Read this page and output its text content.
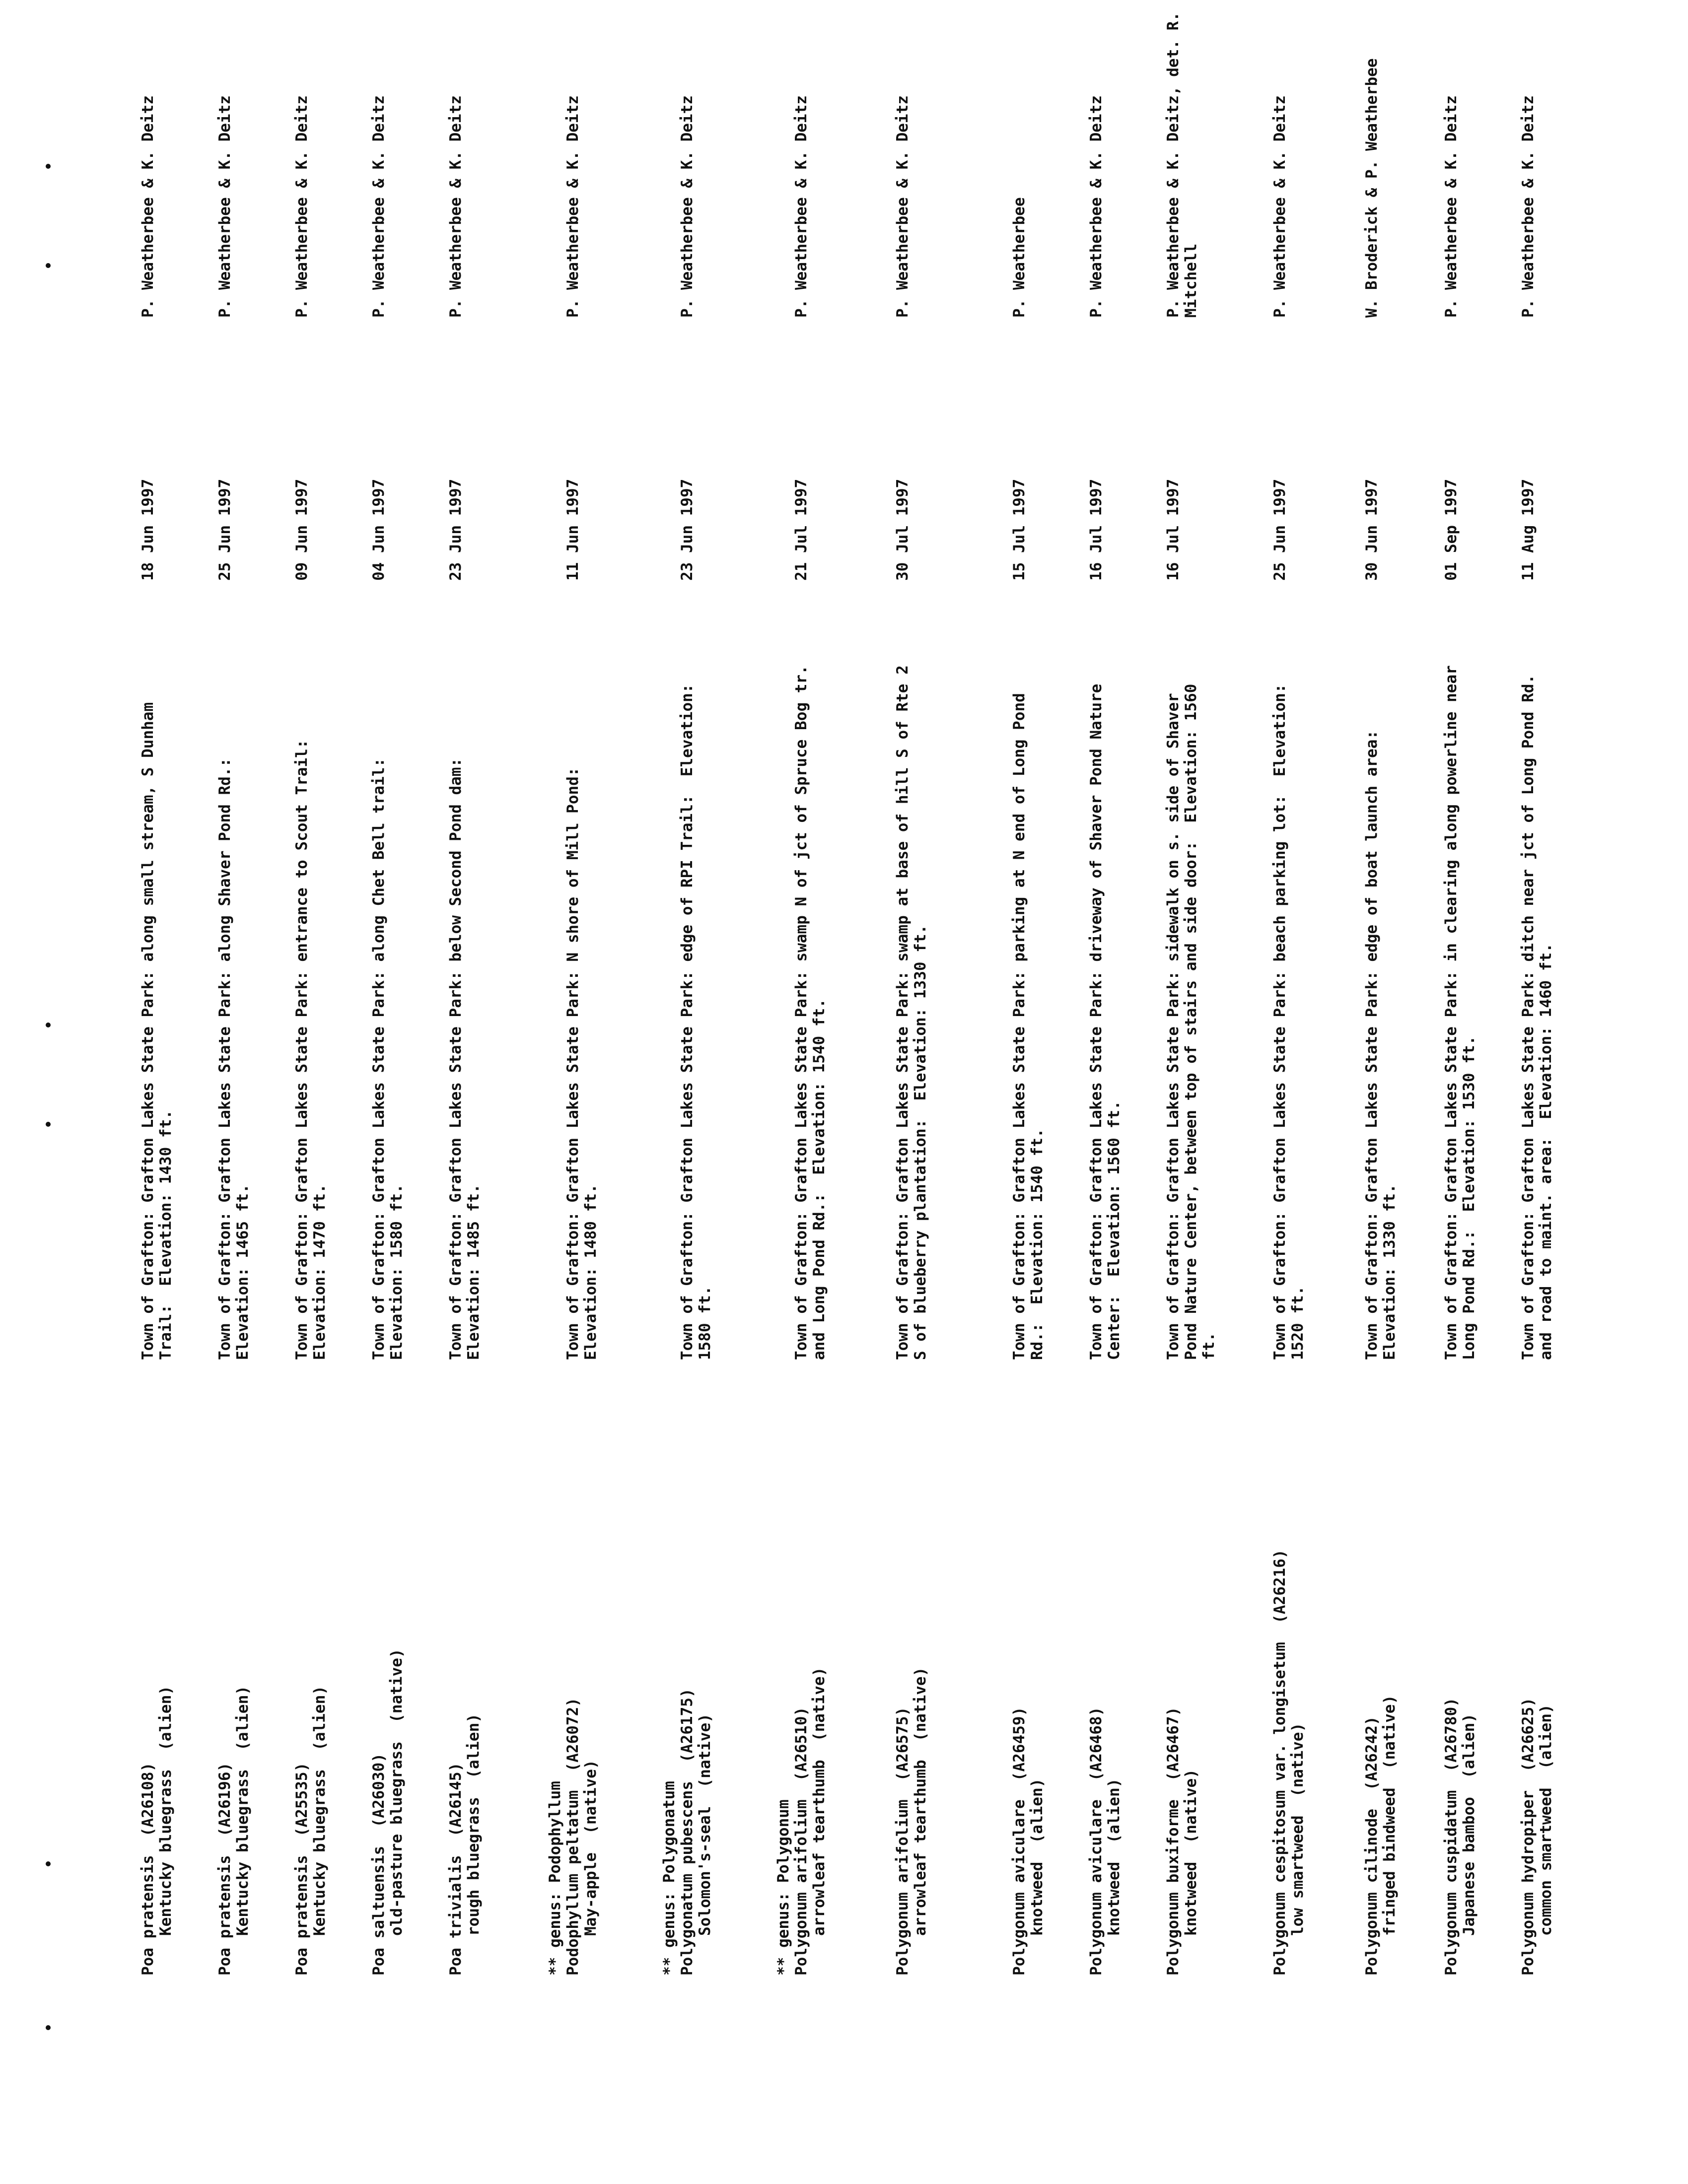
Poa pratensis  (A26108) Kentucky bluegrass  (alien)
Town of Grafton: Grafton Lakes State Park: along small stream, S Dunham Trail:  Elevation: 1430 ft.
18 Jun 1997
P. Weatherbee & K. Deitz
Poa pratensis  (A26196) Kentucky bluegrass  (alien)
Town of Grafton: Grafton Lakes State Park: along Shaver Pond Rd.:  Elevation: 1465 ft.
25 Jun 1997
P. Weatherbee & K. Deitz
Poa pratensis  (A25535) Kentucky bluegrass  (alien)
Town of Grafton: Grafton Lakes State Park: entrance to Scout Trail:  Elevation: 1470 ft.
09 Jun 1997
P. Weatherbee & K. Deitz
Poa saltuensis  (A26030) old-pasture bluegrass  (native)
Town of Grafton: Grafton Lakes State Park: along Chet Bell trail:  Elevation: 1580 ft.
04 Jun 1997
P. Weatherbee & K. Deitz
Poa trivialis  (A26145) rough bluegrass  (alien)
Town of Grafton: Grafton Lakes State Park: below Second Pond dam:  Elevation: 1485 ft.
23 Jun 1997
P. Weatherbee & K. Deitz
** genus: Podophyllum Podophyllum peltatum  (A26072) May-apple  (native)
Town of Grafton: Grafton Lakes State Park: N shore of Mill Pond:  Elevation: 1480 ft.
11 Jun 1997
P. Weatherbee & K. Deitz
** genus: Polygonatum Polygonatum pubescens  (A26175) Solomon's-seal  (native)
Town of Grafton: Grafton Lakes State Park: edge of RPI Trail:  Elevation: 1580 ft.
23 Jun 1997
P. Weatherbee & K. Deitz
** genus: Polygonum Polygonum arifolium  (A26510) arrowleaf tearthumb  (native)
Town of Grafton: Grafton Lakes State Park: swamp N of jct of Spruce Bog tr. and Long Pond Rd.:  Elevation: 1540 ft.
21 Jul 1997
P. Weatherbee & K. Deitz
Polygonum arifolium  (A26575) arrowleaf tearthumb  (native)
Town of Grafton: Grafton Lakes State Park: swamp at base of hill S of Rte 2 S of blueberry plantation:  Elevation: 1330 ft.
30 Jul 1997
P. Weatherbee & K. Deitz
Polygonum aviculare  (A26459) knotweed  (alien)
Town of Grafton: Grafton Lakes State Park: parking at N end of Long Pond Rd.:  Elevation: 1540 ft.
15 Jul 1997
P. Weatherbee
Polygonum aviculare  (A26468) knotweed  (alien)
Town of Grafton: Grafton Lakes State Park: driveway of Shaver Pond Nature Center:  Elevation: 1560 ft.
16 Jul 1997
P. Weatherbee & K. Deitz
Polygonum buxiforme  (A26467) knotweed  (native)
Town of Grafton: Grafton Lakes State Park: sidewalk on s. side of Shaver Pond Nature Center, between top of stairs and side door:  Elevation: 1560 ft.
16 Jul 1997
P. Weatherbee & K. Deitz, det. R. Mitchell
Polygonum cespitosum var. longisetum  (A26216) low smartweed  (native)
Town of Grafton: Grafton Lakes State Park: beach parking lot:  Elevation: 1520 ft.
25 Jun 1997
P. Weatherbee & K. Deitz
Polygonum cilinode  (A26242) fringed bindweed  (native)
Town of Grafton: Grafton Lakes State Park: edge of boat launch area:  Elevation: 1330 ft.
30 Jun 1997
W. Broderick & P. Weatherbee
Polygonum cuspidatum  (A26780) Japanese bamboo  (alien)
Town of Grafton: Grafton Lakes State Park: in clearing along powerline near Long Pond Rd.:  Elevation: 1530 ft.
01 Sep 1997
P. Weatherbee & K. Deitz
Polygonum hydropiper  (A26625) common smartweed  (alien)
Town of Grafton: Grafton Lakes State Park: ditch near jct of Long Pond Rd. and road to maint. area:  Elevation: 1460 ft.
11 Aug 1997
P. Weatherbee & K. Deitz
